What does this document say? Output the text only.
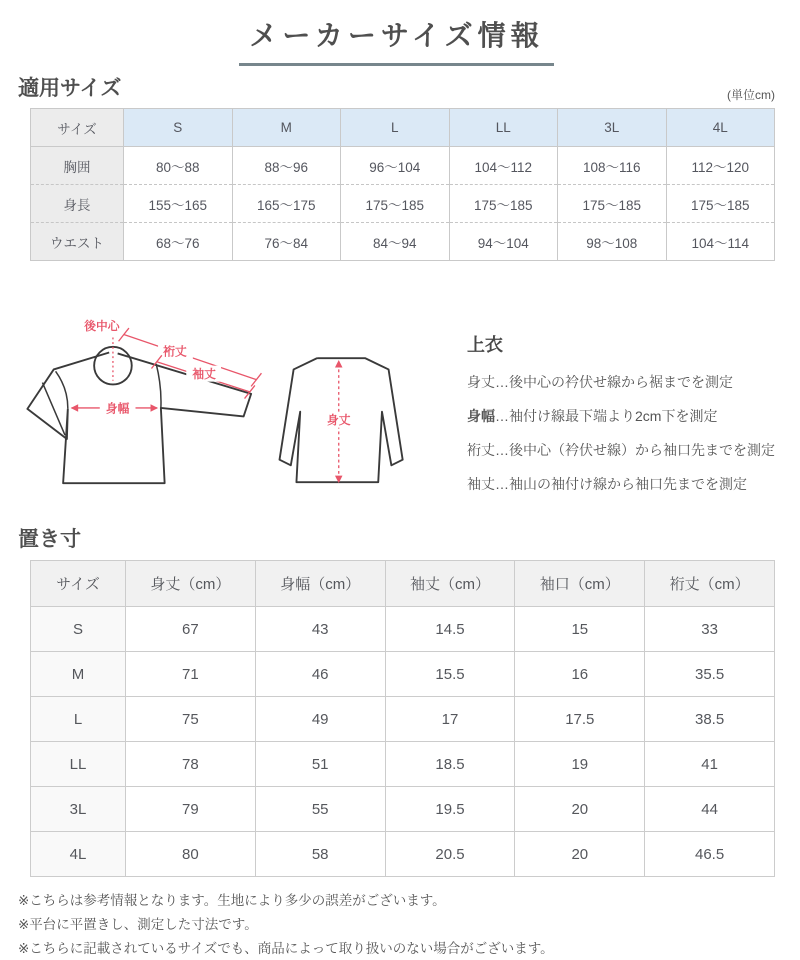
メーカーサイズ情報
適用サイズ	(単位cm)
サイズ	S	M	L	LL	3L	4L
胸囲	80〜88	88〜96	96〜104	104〜112	108〜116	112〜120
身長	155〜165	165〜175	175〜185	175〜185	175〜185	175〜185
ウエスト	68〜76	76〜84	84〜94	94〜104	98〜108	104〜114
後中心
裄丈
袖丈
身幅
身丈
上衣
身丈…後中心の衿伏せ線から裾までを測定
身幅…袖付け線最下端より2cm下を測定
裄丈…後中心（衿伏せ線）から袖口先までを測定
袖丈…袖山の袖付け線から袖口先までを測定
置き寸
サイズ	身丈（cm）	身幅（cm）	袖丈（cm）	袖口（cm）	裄丈（cm）
S	67	43	14.5	15	33
M	71	46	15.5	16	35.5
L	75	49	17	17.5	38.5
LL	78	51	18.5	19	41
3L	79	55	19.5	20	44
4L	80	58	20.5	20	46.5
※こちらは参考情報となります。生地により多少の誤差がございます。
※平台に平置きし、測定した寸法です。
※こちらに記載されているサイズでも、商品によって取り扱いのない場合がございます。
